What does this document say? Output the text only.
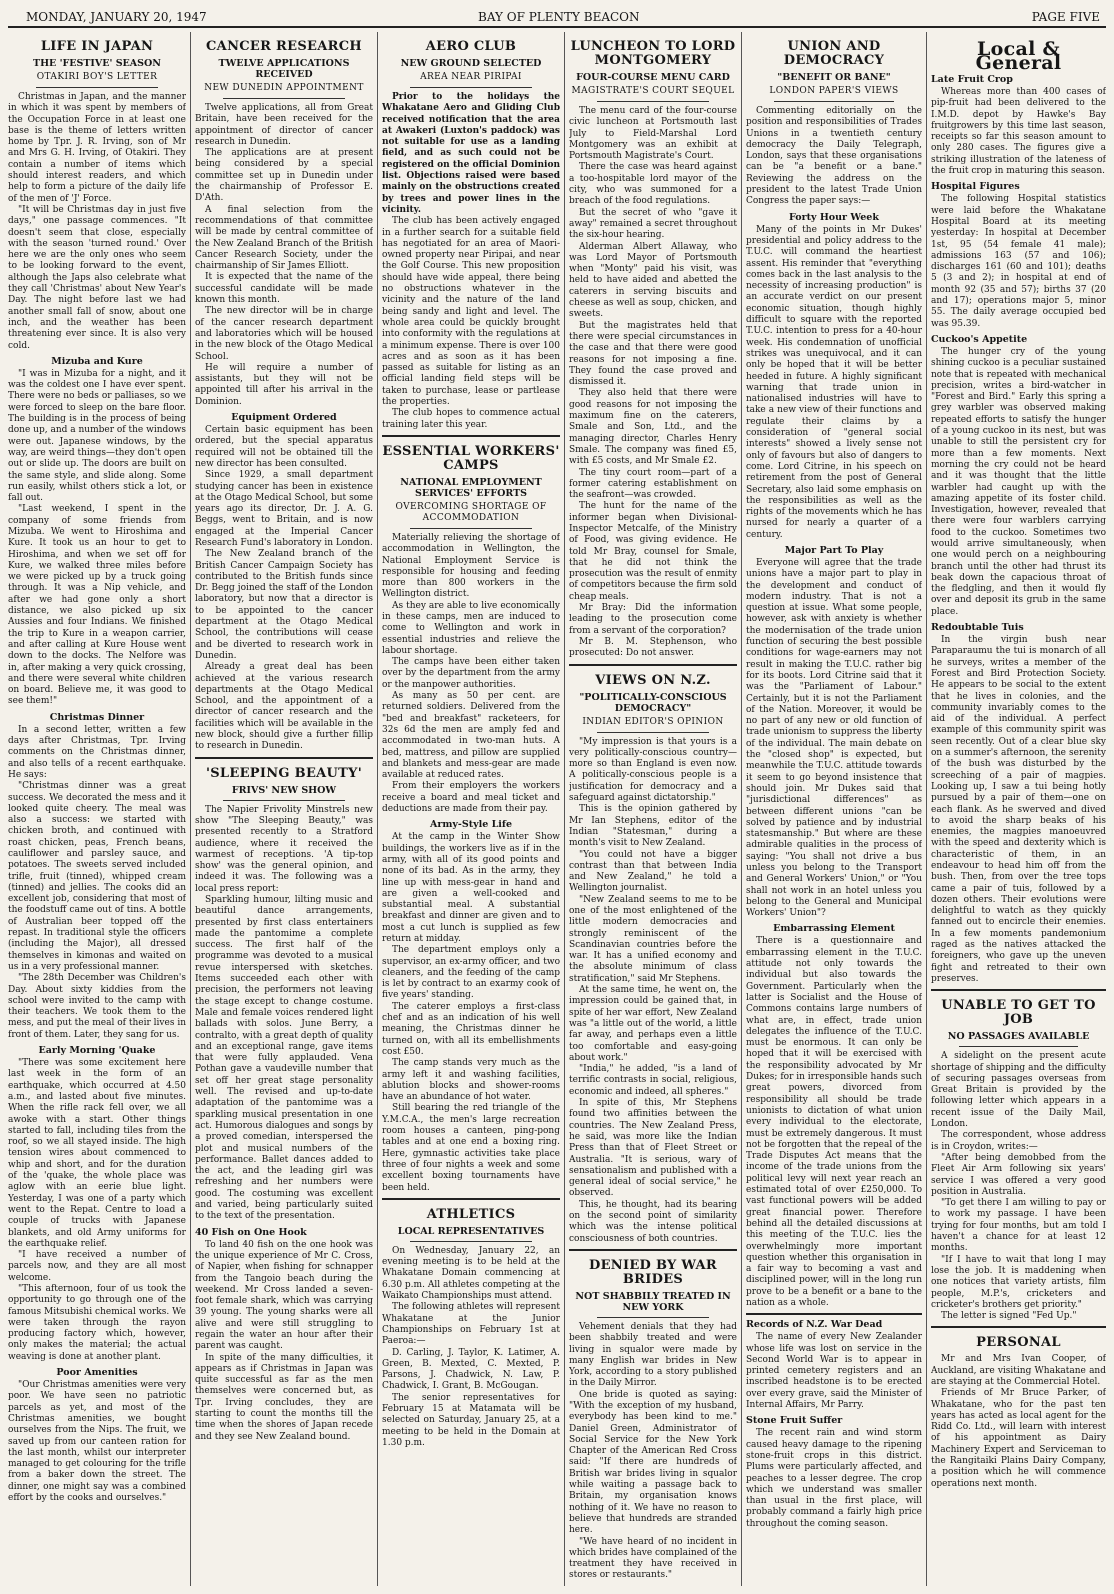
MONDAY, JANUARY 20, 1947	BAY OF PLENTY BEACON	PAGE FIVE
LIFE IN JAPAN
THE 'FESTIVE' SEASON
OTAKIRI BOY'S LETTER

Christmas in Japan, and the manner in which it was spent by members of the Occupation Force in at least one base is the theme of letters written home by Tpr. J. R. Irving, son of Mr and Mrs G. H. Irving, of Otakiri. They contain a number of items which should interest readers, and which help to form a picture of the daily life of the men of 'J' Force.

"It will be Christmas day in just five days," one passage commences. "It doesn't seem that close, especially with the season 'turned round.' Over here we are the only ones who seem to be looking forward to the event, although the Japs also celebrate what they call 'Christmas' about New Year's Day. The night before last we had another small fall of snow, about one inch, and the weather has been threatening ever since. It is also very cold.

Mizuba and Kure

"I was in Mizuba for a night, and it was the coldest one I have ever spent. There were no beds or palliases, so we were forced to sleep on the bare floor. The building is in the process of being done up, and a number of the windows were out. Japanese windows, by the way, are weird things—they don't open out or slide up. The doors are built on the same style, and slide along. Some run easily, whilst others stick a lot, or fall out.

"Last weekend, I spent in the company of some friends from Mizuba. We went to Hiroshima and Kure. It took us an hour to get to Hiroshima, and when we set off for Kure, we walked three miles before we were picked up by a truck going through. It was a Nip vehicle, and after we had gone only a short distance, we also picked up six Aussies and four Indians. We finished the trip to Kure in a weapon carrier, and after calling at Kure House went down to the docks. The Nelfore was in, after making a very quick crossing, and there were several white children on board. Believe me, it was good to see them!"

Christmas Dinner

In a second letter, written a few days after Christmas, Tpr. Irving comments on the Christmas dinner, and also tells of a recent earthquake. He says:

"Christmas dinner was a great success. We decorated the mess and it looked quite cheery. The meal was also a success: we started with chicken broth, and continued with roast chicken, peas, French beans, cauliflower and parsley sauce, and potatoes. The sweets served included trifle, fruit (tinned), whipped cream (tinned) and jellies. The cooks did an excellent job, considering that most of the foodstuff came out of tins. A bottle of Australian beer topped off the repast. In traditional style the officers (including the Major), all dressed themselves in kimonas and waited on us in a very professional manner.

"The 28th December was Children's Day. About sixty kiddies from the school were invited to the camp with their teachers. We took them to the mess, and put the meal of their lives in front of them. Later, they sang for us.

Early Morning 'Quake

"There was some excitement here last week in the form of an earthquake, which occurred at 4.50 a.m., and lasted about five minutes. When the rifle rack fell over, we all awoke with a start. Other things started to fall, including tiles from the roof, so we all stayed inside. The high tension wires about commenced to whip and short, and for the duration of the 'quake, the whole place was aglow with an eerie blue light. Yesterday, I was one of a party which went to the Repat. Centre to load a couple of trucks with Japanese blankets, and old Army uniforms for the earthquake relief.

"I have received a number of parcels now, and they are all most welcome.

"This afternoon, four of us took the opportunity to go through one of the famous Mitsubishi chemical works. We were taken through the rayon producing factory which, however, only makes the material; the actual weaving is done at another plant.

Poor Amenities

"Our Christmas amenities were very poor. We have seen no patriotic parcels as yet, and most of the Christmas amenities, we bought ourselves from the Nips. The fruit, we saved up from our canteen ration for the last month, whilst our interpreter managed to get colouring for the trifle from a baker down the street. The dinner, one might say was a combined effort by the cooks and ourselves."

CANCER RESEARCH
TWELVE APPLICATIONS RECEIVED
NEW DUNEDIN APPOINTMENT

Twelve applications, all from Great Britain, have been received for the appointment of director of cancer research in Dunedin.

The applications are at present being considered by a special committee set up in Dunedin under the chairmanship of Professor E. D'Ath.

A final selection from the recommendations of that committee will be made by central committee of the New Zealand Branch of the British Cancer Research Society, under the chairmanship of Sir James Elliott.

It is expected that the name of the successful candidate will be made known this month.

The new director will be in charge of the cancer research department and laboratories which will be housed in the new block of the Otago Medical School.

He will require a number of assistants, but they will not be appointed till after his arrival in the Dominion.

Equipment Ordered

Certain basic equipment has been ordered, but the special apparatus required will not be obtained till the new director has been consulted.

Since 1929, a small department studying cancer has been in existence at the Otago Medical School, but some years ago its director, Dr. J. A. G. Beggs, went to Britain, and is now engaged at the Imperial Cancer Research Fund's laboratory in London.

The New Zealand branch of the British Cancer Campaign Society has contributed to the British funds since Dr. Begg joined the staff of the London laboratory, but now that a director is to be appointed to the cancer department at the Otago Medical School, the contributions will cease and be diverted to research work in Dunedin.

Already a great deal has been achieved at the various research departments at the Otago Medical School, and the appointment of a director of cancer research and the facilities which will be available in the new block, should give a further fillip to research in Dunedin.

'SLEEPING BEAUTY'
FRIVS' NEW SHOW

The Napier Frivolity Minstrels new show "The Sleeping Beauty," was presented recently to a Stratford audience, where it received the warmest of receptions. 'A tip-top show' was the general opinion, and indeed it was. The following was a local press report:

Sparkling humour, lilting music and beautiful dance arrangements, presented by first class entertainers made the pantomime a complete success. The first half of the programme was devoted to a musical revue interspersed with sketches. Items succeeded each other with precision, the performers not leaving the stage except to change costume. Male and female voices rendered light ballads with solos. June Berry, a contralto, with a great depth of quality and an exceptional range, gave items that were fully applauded. Vena Pothan gave a vaudeville number that set off her great stage personality well. The revised and up-to-date adaptation of the pantomime was a sparkling musical presentation in one act. Humorous dialogues and songs by a proved comedian, interspersed the plot and musical numbers of the performance. Ballet dances added to the act, and the leading girl was refreshing and her numbers were good. The costuming was excellent and varied, being particularly suited to the text of the presentation.

40 Fish on One Hook

To land 40 fish on the one hook was the unique experience of Mr C. Cross, of Napier, when fishing for schnapper from the Tangoio beach during the weekend. Mr Cross landed a seven-foot female shark, which was carrying 39 young. The young sharks were all alive and were still struggling to regain the water an hour after their parent was caught.

In spite of the many difficulties, it appears as if Christmas in Japan was quite successful as far as the men themselves were concerned but, as Tpr. Irving concludes, they are starting to count the months till the time when the shores of Japan recede and they see New Zealand bound.

AERO CLUB
NEW GROUND SELECTED
AREA NEAR PIRIPAI

Prior to the holidays the Whakatane Aero and Gliding Club received notification that the area at Awakeri (Luxton's paddock) was not suitable for use as a landing field, and as such could not be registered on the official Dominion list. Objections raised were based mainly on the obstructions created by trees and power lines in the vicinity.

The club has been actively engaged in a further search for a suitable field has negotiated for an area of Maori-owned property near Piripai, and near the Golf Course. This new proposition should have wide appeal, there being no obstructions whatever in the vicinity and the nature of the land being sandy and light and level. The whole area could be quickly brought into conformity with the regulations at a minimum expense. There is over 100 acres and as soon as it has been passed as suitable for listing as an official landing field steps will be taken to purchase, lease or partlease the properties.

The club hopes to commence actual training later this year.

ESSENTIAL WORKERS' CAMPS
NATIONAL EMPLOYMENT SERVICES' EFFORTS
OVERCOMING SHORTAGE OF ACCOMMODATION

Materially relieving the shortage of accommodation in Wellington, the National Employment Service is responsible for housing and feeding more than 800 workers in the Wellington district.

As they are able to live economically in these camps, men are induced to come to Wellington and work in essential industries and relieve the labour shortage.

The camps have been either taken over by the department from the army or the manpower authorities.

As many as 50 per cent. are returned soldiers. Delivered from the "bed and breakfast" racketeers, for 32s 6d the men are amply fed and accommodated in two-man huts. A bed, mattress, and pillow are supplied and blankets and mess-gear are made available at reduced rates.

From their employers the workers receive a board and meal ticket and deductions are made from their pay.

Army-Style Life

At the camp in the Winter Show buildings, the workers live as if in the army, with all of its good points and none of its bad. As in the army, they line up with mess-gear in hand and are given a well-cooked and substantial meal. A substantial breakfast and dinner are given and to most a cut lunch is supplied as few return at midday.

The department employs only a supervisor, an ex-army officer, and two cleaners, and the feeding of the camp is let by contract to an exarmy cook of five years' standing.

The caterer employs a first-class chef and as an indication of his well meaning, the Christmas dinner he turned on, with all its embellishments cost £50.

The camp stands very much as the army left it and washing facilities, ablution blocks and shower-rooms have an abundance of hot water.

Still bearing the red triangle of the Y.M.C.A., the men's large recreation room houses a canteen, ping-pong tables and at one end a boxing ring. Here, gymnastic activities take place three of four nights a week and some excellent boxing tournaments have been held.

ATHLETICS
LOCAL REPRESENTATIVES

On Wednesday, January 22, an evening meeting is to be held at the Whakatane Domain commencing at 6.30 p.m. All athletes competing at the Waikato Championships must attend.

The following athletes will represent Whakatane at the Junior Championships on February 1st at Paeroa:—

D. Carling, J. Taylor, K. Latimer, A. Green, B. Mexted, C. Mexted, P. Parsons, J. Chadwick, N. Law, P. Chadwick, I. Grant, B. McGougan.

The senior representatives for February 15 at Matamata will be selected on Saturday, January 25, at a meeting to be held in the Domain at 1.30 p.m.

LUNCHEON TO LORD MONTGOMERY
FOUR-COURSE MENU CARD
MAGISTRATE'S COURT SEQUEL

The menu card of the four-course civic luncheon at Portsmouth last July to Field-Marshal Lord Montgomery was an exhibit at Portsmouth Magistrate's Court.

There the case was heard against a too-hospitable lord mayor of the city, who was summoned for a breach of the food regulations.

But the secret of who "gave it away" remained a secret throughout the six-hour hearing.

Alderman Albert Allaway, who was Lord Mayor of Portsmouth when "Monty" paid his visit, was held to have aided and abetted the caterers in serving biscuits and cheese as well as soup, chicken, and sweets.

But the magistrates held that there were special circumstances in the case and that there were good reasons for not imposing a fine. They found the case proved and dismissed it.

They also held that there were good reasons for not imposing the maximum fine on the caterers, Smale and Son, Ltd., and the managing director, Charles Henry Smale. The company was fined £5, with £5 costs, and Mr Smale £2.

The tiny court room—part of a former catering establishment on the seafront—was crowded.

The hunt for the name of the informer began when Divisional-Inspector Metcalfe, of the Ministry of Food, was giving evidence. He told Mr Bray, counsel for Smale, that he did not think the prosecution was the result of enmity of competitors because the firm sold cheap meals.

Mr Bray: Did the information leading to the prosecution come from a servant of the corporation?

Mr B. M. Stephenson, who prosecuted: Do not answer.

VIEWS ON N.Z.
"POLITICALLY-CONSCIOUS DEMOCRACY"
INDIAN EDITOR'S OPINION

"My impression is that yours is a very politically-conscious country—more so than England is even now. A politically-conscious people is a justification for democracy and a safeguard against dictatorship."

This is the opinion gathered by Mr Ian Stephens, editor of the Indian "Statesman," during a month's visit to New Zealand.

"You could not have a bigger contrast than that between India and New Zealand," he told a Wellington journalist.

"New Zealand seems to me to be one of the most enlightened of the little modern democracies and strongly reminiscent of the Scandinavian countries before the war. It has a unified economy and the absolute minimum of class stratification," said Mr Stephens.

At the same time, he went on, the impression could be gained that, in spite of her war effort, New Zealand was "a little out of the world, a little far away, and perhaps even a little too comfortable and easy-going about work."

"India," he added, "is a land of terrific contrasts in social, religious, economic and indeed, all spheres."

In spite of this, Mr Stephens found two affinities between the countries. The New Zealand Press, he said, was more like the Indian Press than that of Fleet Street or Australia. "It is serious, wary of sensationalism and published with a general ideal of social service," he observed.

This, he thought, had its bearing on the second point of similarity which was the intense political consciousness of both countries.

DENIED BY WAR BRIDES
NOT SHABBILY TREATED IN NEW YORK

Vehement denials that they had been shabbily treated and were living in squalor were made by many English war brides in New York, according to a story published in the Daily Mirror.

One bride is quoted as saying: "With the exception of my husband, everybody has been kind to me." Daniel Green, Administrator of Social Service for the New York Chapter of the American Red Cross said: "If there are hundreds of British war brides living in squalor while waiting a passage back to Britain, my organisation knows nothing of it. We have no reason to believe that hundreds are stranded here.

"We have heard of no incident in which brides have complained of the treatment they have received in stores or restaurants."

UNION AND DEMOCRACY
"BENEFIT OR BANE"
LONDON PAPER'S VIEWS

Commenting editorially on the position and responsibilities of Trades Unions in a twentieth century democracy the Daily Telegraph, London, says that these organisations can be "a benefit or a bane." Reviewing the address on the president to the latest Trade Union Congress the paper says:—

Forty Hour Week

Many of the points in Mr Dukes' presidential and policy address to the T.U.C. will command the heartiest assent. His reminder that "everything comes back in the last analysis to the necessity of increasing production" is an accurate verdict on our present economic situation, though highly difficult to square with the reported T.U.C. intention to press for a 40-hour week. His condemnation of unofficial strikes was unequivocal, and it can only be hoped that it will be better heeded in future. A highly significant warning that trade union in nationalised industries will have to take a new view of their functions and regulate their claims by a consideration of "general social interests" showed a lively sense not only of favours but also of dangers to come. Lord Citrine, in his speech on retirement from the post of General Secretary, also laid some emphasis on the responsibilities as well as the rights of the movements which he has nursed for nearly a quarter of a century.

Major Part To Play

Everyone will agree that the trade unions have a major part to play in the development and conduct of modern industry. That is not a question at issue. What some people, however, ask with anxiety is whether the modernisation of the trade union function of securing the best possible conditions for wage-earners may not result in making the T.U.C. rather big for its boots. Lord Citrine said that it was the "Parliament of Labour." Certainly, but it is not the Parliament of the Nation. Moreover, it would be no part of any new or old function of trade unionism to suppress the liberty of the individual. The main debate on the "closed shop" is expected, but meanwhile the T.U.C. attitude towards it seem to go beyond insistence that should join. Mr Dukes said that "jurisdictional differences" as between different unions "can be solved by patience and by industrial statesmanship." But where are these admirable qualities in the process of saying: "You shall not drive a bus unless you belong to the Transport and General Workers' Union," or "You shall not work in an hotel unless you belong to the General and Municipal Workers' Union"?

Embarrassing Element

There is a questionnaire and embarrassing element in the T.U.C. attitude not only towards the individual but also towards the Government. Particularly when the latter is Socialist and the House of Commons contains large numbers of what are, in effect, trade union delegates the influence of the T.U.C. must be enormous. It can only be hoped that it will be exercised with the responsibility advocated by Mr Dukes; for in irresponsible hands such great powers, divorced from responsibility all should be trade unionists to dictation of what union every individual to the electorate, must be extremely dangerous. It must not be forgotten that the repeal of the Trade Disputes Act means that the income of the trade unions from the political levy will next year reach an estimated total of over £250,000. To vast functional powers will be added great financial power. Therefore behind all the detailed discussions at this meeting of the T.U.C. lies the overwhelmingly more important question whether this organisation in a fair way to becoming a vast and disciplined power, will in the long run prove to be a benefit or a bane to the nation as a whole.

Records of N.Z. War Dead

The name of every New Zealander whose life was lost on service in the Second World War is to appear in printed cemetery registers and an inscribed headstone is to be erected over every grave, said the Minister of Internal Affairs, Mr Parry.

Stone Fruit Suffer

The recent rain and wind storm caused heavy damage to the ripening stone-fruit crops in this district. Plums were particularly affected, and peaches to a lesser degree. The crop which we understand was smaller than usual in the first place, will probably command a fairly high price throughout the coming season.

Local & General
Late Fruit Crop

Whereas more than 400 cases of pip-fruit had been delivered to the I.M.D. depot by Hawke's Bay fruitgrowers by this time last season, receipts so far this season amount to only 280 cases. The figures give a striking illustration of the lateness of the fruit crop in maturing this season.

Hospital Figures

The following Hospital statistics were laid before the Whakatane Hospital Board at its meeting yesterday: In hospital at December 1st, 95 (54 female 41 male); admissions 163 (57 and 106); discharges 161 (60 and 101); deaths 5 (3 and 2); in hospital at end of month 92 (35 and 57); births 37 (20 and 17); operations major 5, minor 55. The daily average occupied bed was 95.39.

Cuckoo's Appetite

The hunger cry of the young shining cuckoo is a peculiar sustained note that is repeated with mechanical precision, writes a bird-watcher in "Forest and Bird." Early this spring a grey warbler was observed making repeated efforts to satisfy the hunger of a young cuckoo in its nest, but was unable to still the persistent cry for more than a few moments. Next morning the cry could not be heard and it was thought that the little warbler had caught up with the amazing appetite of its foster child. Investigation, however, revealed that there were four warblers carrying food to the cuckoo. Sometimes two would arrive simultaneously, when one would perch on a neighbouring branch until the other had thrust its beak down the capacious throat of the fledgling, and then it would fly over and deposit its grub in the same place.

Redoubtable Tuis

In the virgin bush near Paraparaumu the tui is monarch of all he surveys, writes a member of the Forest and Bird Protection Society. He appears to be social to the extent that he lives in colonies, and the community invariably comes to the aid of the individual. A perfect example of this community spirit was seen recently. Out of a clear blue sky on a summer's afternoon, the serenity of the bush was disturbed by the screeching of a pair of magpies. Looking up, I saw a tui being hotly pursued by a pair of them—one on each flank. As he swerved and dived to avoid the sharp beaks of his enemies, the magpies manoeuvred with the speed and dexterity which is characteristic of them, in an endeavour to head him off from the bush. Then, from over the tree tops came a pair of tuis, followed by a dozen others. Their evolutions were delightful to watch as they quickly fanned out to encircle their enemies. In a few moments pandemonium raged as the natives attacked the foreigners, who gave up the uneven fight and retreated to their own preserves.

UNABLE TO GET TO JOB
NO PASSAGES AVAILABLE

A sidelight on the present acute shortage of shipping and the difficulty of securing passages overseas from Great Britain is provided by the following letter which appears in a recent issue of the Daily Mail, London.

The correspondent, whose address is in Croydon, writes:—

"After being demobbed from the Fleet Air Arm following six years' service I was offered a very good position in Australia.

"To get there I am willing to pay or to work my passage. I have been trying for four months, but am told I haven't a chance for at least 12 months.

"If I have to wait that long I may lose the job. It is maddening when one notices that variety artists, film people, M.P.'s, cricketers and cricketer's brothers get priority."

The letter is signed "Fed Up."

PERSONAL

Mr and Mrs Ivan Cooper, of Auckland, are visiting Whakatane and are staying at the Commercial Hotel.

Friends of Mr Bruce Parker, of Whakatane, who for the past ten years has acted as local agent for the Ridd Co. Ltd., will learn with interest of his appointment as Dairy Machinery Expert and Serviceman to the Rangitaiki Plains Dairy Company, a position which he will commence operations next month.
